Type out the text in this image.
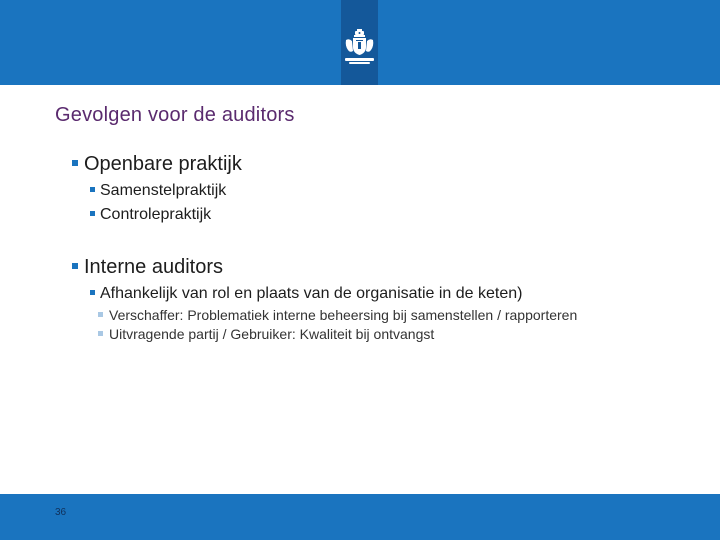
Gevolgen voor de auditors
Openbare praktijk
Samenstelpraktijk
Controlepraktijk
Interne auditors
Afhankelijk van rol en plaats van de organisatie in de keten)
Verschaffer: Problematiek interne beheersing bij samenstellen / rapporteren
Uitvragende partij / Gebruiker: Kwaliteit bij ontvangst
36
